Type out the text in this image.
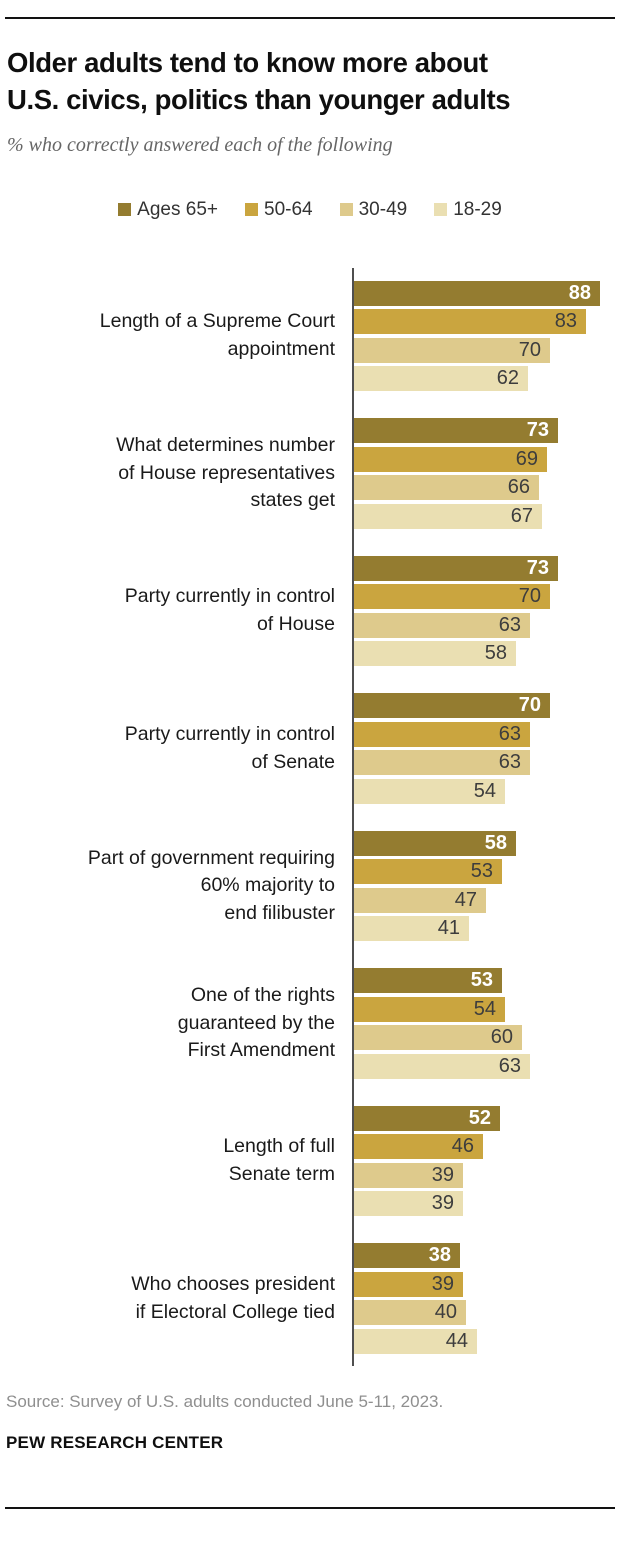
Older adults tend to know more about
U.S. civics, politics than younger adults
% who correctly answered each of the following
Ages 65+ 50-64 30-49 18-29
Length of a Supreme Court
appointment
88
83
70
62
What determines number
of House representatives
states get
73
69
66
67
Party currently in control
of House
73
70
63
58
Party currently in control
of Senate
70
63
63
54
Part of government requiring
60% majority to
end filibuster
58
53
47
41
One of the rights
guaranteed by the
First Amendment
53
54
60
63
Length of full
Senate term
52
46
39
39
Who chooses president
if Electoral College tied
38
39
40
44
Source: Survey of U.S. adults conducted June 5-11, 2023.
PEW RESEARCH CENTER
